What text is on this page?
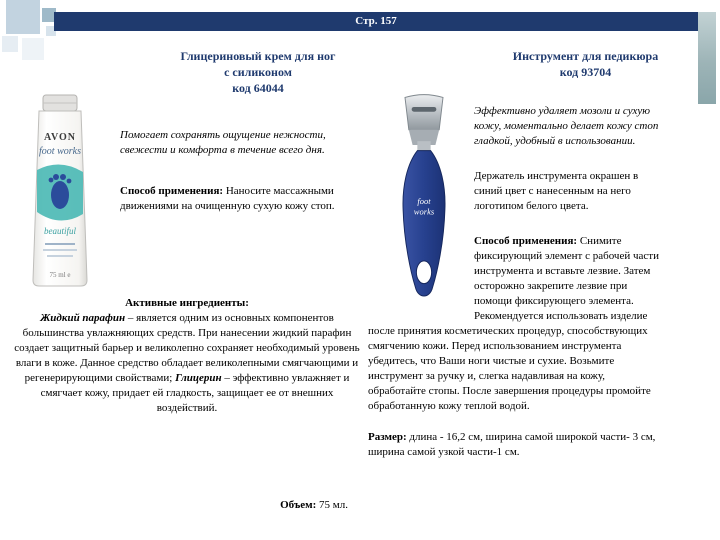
Стр. 157
Глицериновый крем для ног
с силиконом
код 64044
Инструмент для педикюра
код 93704
AVON
foot works
beautiful
75 ml e

Помогает сохранять ощущение нежности, свежести и комфорта в течение всего дня.

Способ применения: Наносите массажными движениями на очищенную сухую кожу стоп.

Активные ингредиенты:
Жидкий парафин – является одним из основных компонентов большинства увлажняющих средств. При нанесении жидкий парафин создает защитный барьер и великолепно сохраняет необходимый уровень влаги в коже. Данное средство обладает великолепными смягчающими и регенерирующими свойствами; Глицерин – эффективно увлажняет и смягчает кожу, придает ей гладкость, защищает ее от внешних воздействий.
Объем: 75 мл.
foot
works

Эффективно удаляет мозоли и сухую кожу, моментально делает кожу стоп гладкой, удобный в использовании.

Держатель инструмента окрашен в синий цвет с нанесенным на него логотипом белого цвета.

Способ применения: Снимите фиксирующий элемент с рабочей части инструмента и вставьте лезвие. Затем осторожно закрепите лезвие при помощи фиксирующего элемента. Рекомендуется использовать изделие после принятия косметических процедур, способствующих смягчению кожи. Перед использованием инструмента убедитесь, что Ваши ноги чистые и сухие. Возьмите инструмент за ручку и, слегка надавливая на кожу, обработайте стопы. После завершения процедуры промойте обработанную кожу теплой водой.

Размер: длина - 16,2 см, ширина самой широкой части- 3 см, ширина самой узкой части-1 см.
